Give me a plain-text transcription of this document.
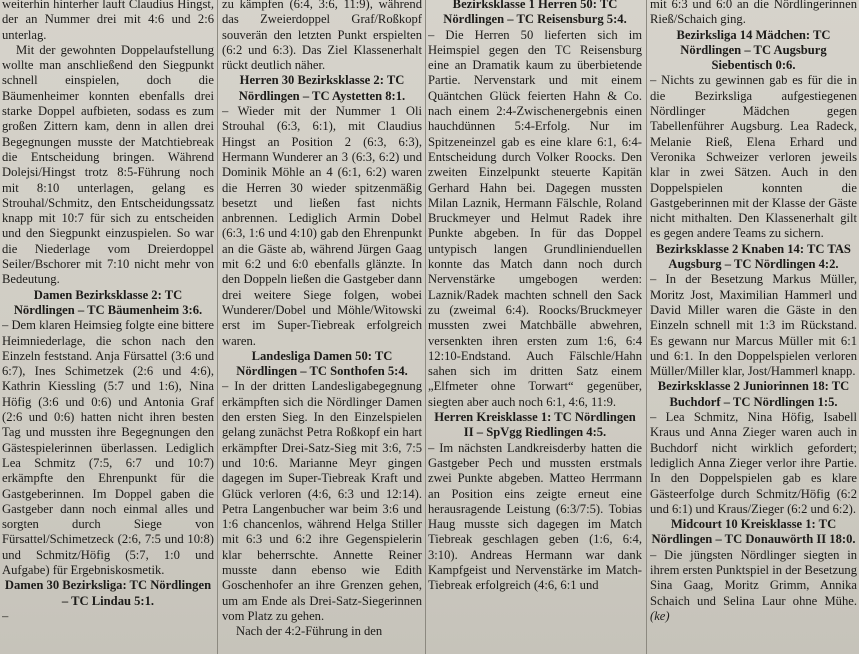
weiterhin hinterher lauft Claudius Hingst, der an Nummer drei mit 4:6 und 2:6 unterlag.

Mit der gewohnten Doppelaufstellung wollte man anschließend den Siegpunkt schnell einspielen, doch die Bäumenheimer konnten ebenfalls drei starke Doppel aufbieten, sodass es zum großen Zittern kam, denn in allen drei Begegnungen musste der Matchtiebreak die Entscheidung bringen. Während Dolejsi/Hingst trotz 8:5-Führung noch mit 8:10 unterlagen, gelang es Strouhal/Schmitz, den Entscheidungssatz knapp mit 10:7 für sich zu entscheiden und den Siegpunkt einzuspielen. So war die Niederlage vom Dreierdoppel Seiler/Bschorer mit 7:10 nicht mehr von Bedeutung.

Damen Bezirksklasse 2: TC Nördlingen – TC Bäumenheim 3:6.

– Dem klaren Heimsieg folgte eine bittere Heimniederlage, die schon nach den Einzeln feststand. Anja Fürsattel (3:6 und 6:7), Ines Schimetzek (2:6 und 4:6), Kathrin Kiessling (5:7 und 1:6), Nina Höfig (3:6 und 0:6) und Antonia Graf (2:6 und 0:6) hatten nicht ihren besten Tag und mussten ihre Begegnungen den Gästespielerinnen überlassen. Lediglich Lea Schmitz (7:5, 6:7 und 10:7) erkämpfte den Ehrenpunkt für die Gastgeberinnen. Im Doppel gaben die Gastgeber dann noch einmal alles und sorgten durch Siege von Fürsattel/Schimetzeck (2:6, 7:5 und 10:8) und Schmitz/Höfig (5:7, 1:0 und Aufgabe) für Ergebniskosmetik.

Damen 30 Bezirksliga: TC Nördlingen – TC Lindau 5:1.

–

zu kämpfen (6:4, 3:6, 11:9), während das Zweierdoppel Graf/Roßkopf souverän den letzten Punkt erspielten (6:2 und 6:3). Das Ziel Klassenerhalt rückt deutlich näher.

Herren 30 Bezirksklasse 2: TC Nördlingen – TC Aystetten 8:1.

– Wieder mit der Nummer 1 Oli Strouhal (6:3, 6:1), mit Claudius Hingst an Position 2 (6:3, 6:3), Hermann Wunderer an 3 (6:3, 6:2) und Dominik Möhle an 4 (6:1, 6:2) waren die Herren 30 wieder spitzenmäßig besetzt und ließen fast nichts anbrennen. Lediglich Armin Dobel (6:3, 1:6 und 4:10) gab den Ehrenpunkt an die Gäste ab, während Jürgen Gaag mit 6:2 und 6:0 ebenfalls glänzte. In den Doppeln ließen die Gastgeber dann drei weitere Siege folgen, wobei Wunderer/Dobel und Möhle/Witowski erst im Super-Tiebreak erfolgreich waren.

Landesliga Damen 50: TC Nördlingen – TC Sonthofen 5:4.

– In der dritten Landesligabegegnung erkämpften sich die Nördlinger Damen den ersten Sieg. In den Einzelspielen gelang zunächst Petra Roßkopf ein hart erkämpfter Drei-Satz-Sieg mit 3:6, 7:5 und 10:6. Marianne Meyr gingen dagegen im Super-Tiebreak Kraft und Glück verloren (4:6, 6:3 und 12:14). Petra Langenbucher war beim 3:6 und 1:6 chancenlos, während Helga Stiller mit 6:3 und 6:2 ihre Gegenspielerin klar beherrschte. Annette Reiner musste dann ebenso wie Edith Goschenhofer an ihre Grenzen gehen, um am Ende als Drei-Satz-Siegerinnen vom Platz zu gehen.

Nach der 4:2-Führung in den

Bezirksklasse 1 Herren 50: TC Nördlingen – TC Reisensburg 5:4.

– Die Herren 50 lieferten sich im Heimspiel gegen den TC Reisensburg eine an Dramatik kaum zu überbietende Partie. Nervenstark und mit einem Quäntchen Glück feierten Hahn & Co. nach einem 2:4-Zwischenergebnis einen hauchdünnen 5:4-Erfolg. Nur im Spitzeneinzel gab es eine klare 6:1, 6:4-Entscheidung durch Volker Roocks. Den zweiten Einzelpunkt steuerte Kapitän Gerhard Hahn bei. Dagegen mussten Milan Laznik, Hermann Fälschle, Roland Bruckmeyer und Helmut Radek ihre Punkte abgeben. In für das Doppel untypisch langen Grundlinienduellen konnte das Match dann noch durch Nervenstärke umgebogen werden: Laznik/Radek machten schnell den Sack zu (zweimal 6:4). Roocks/Bruckmeyer mussten zwei Matchbälle abwehren, versenkten ihren ersten zum 1:6, 6:4 12:10-Endstand. Auch Fälschle/Hahn sahen sich im dritten Satz einem „Elfmeter ohne Torwart“ gegenüber, siegten aber auch noch 6:1, 4:6, 11:9.

Herren Kreisklasse 1: TC Nördlingen II – SpVgg Riedlingen 4:5.

– Im nächsten Landkreisderby hatten die Gastgeber Pech und mussten erstmals zwei Punkte abgeben. Matteo Herrmann an Position eins zeigte erneut eine herausragende Leistung (6:3/7:5). Tobias Haug musste sich dagegen im Match Tiebreak geschlagen geben (1:6, 6:4, 3:10). Andreas Hermann war dank Kampfgeist und Nervenstärke im Match-Tiebreak erfolgreich (4:6, 6:1 und

mit 6:3 und 6:0 an die Nördlingerinnen Rieß/Schaich ging.

Bezirksliga 14 Mädchen: TC Nördlingen – TC Augsburg Siebentisch 0:6.

– Nichts zu gewinnen gab es für die in die Bezirksliga aufgestiegenen Nördlinger Mädchen gegen Tabellenführer Augsburg. Lea Radeck, Melanie Rieß, Elena Erhard und Veronika Schweizer verloren jeweils klar in zwei Sätzen. Auch in den Doppelspielen konnten die Gastgeberinnen mit der Klasse der Gäste nicht mithalten. Den Klassenerhalt gilt es gegen andere Teams zu sichern.

Bezirksklasse 2 Knaben 14: TC TAS Augsburg – TC Nördlingen 4:2.

– In der Besetzung Markus Müller, Moritz Jost, Maximilian Hammerl und David Miller waren die Gäste in den Einzeln schnell mit 1:3 im Rückstand. Es gewann nur Marcus Müller mit 6:1 und 6:1. In den Doppelspielen verloren Müller/Miller klar, Jost/Hammerl knapp.

Bezirksklasse 2 Juniorinnen 18: TC Buchdorf – TC Nördlingen 1:5.

– Lea Schmitz, Nina Höfig, Isabell Kraus und Anna Zieger waren auch in Buchdorf nicht wirklich gefordert; lediglich Anna Zieger verlor ihre Partie. In den Doppelspielen gab es klare Gästeerfolge durch Schmitz/Höfig (6:2 und 6:1) und Kraus/Zieger (6:2 und 6:2).

Midcourt 10 Kreisklasse 1: TC Nördlingen – TC Donauwörth II 18:0.

– Die jüngsten Nördlinger siegten in ihrem ersten Punktspiel in der Besetzung Sina Gaag, Moritz Grimm, Annika Schaich und Selina Laur ohne Mühe. (ke)
